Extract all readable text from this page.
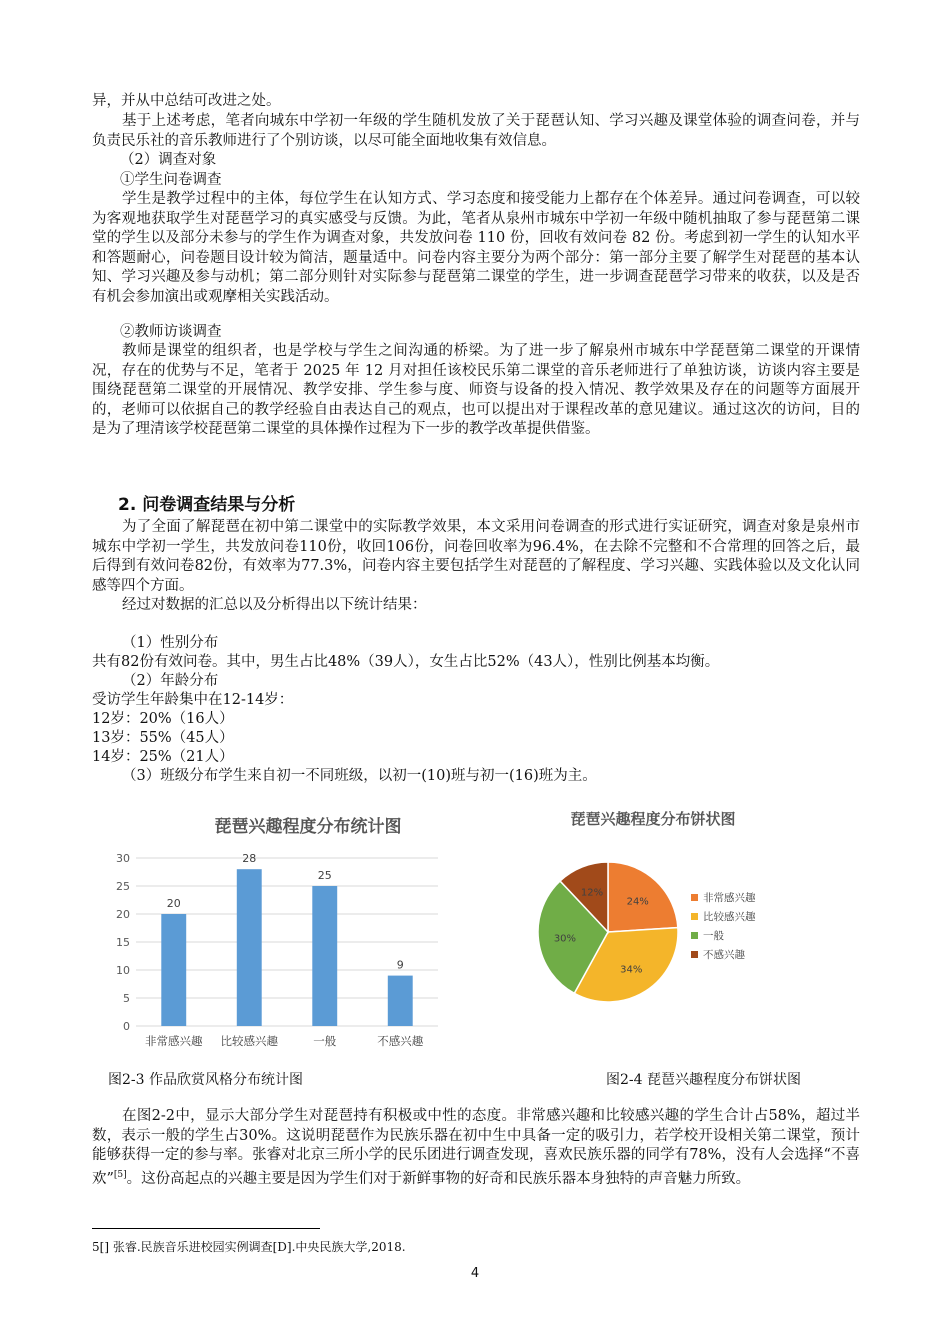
异，并从中总结可改进之处。

基于上述考虑，笔者向城东中学初一年级的学生随机发放了关于琵琶认知、学习兴趣及课堂体验的调查问卷，并与负责民乐社的音乐教师进行了个别访谈，以尽可能全面地收集有效信息。

（2）调查对象
①学生问卷调查

学生是教学过程中的主体，每位学生在认知方式、学习态度和接受能力上都存在个体差异。通过问卷调查，可以较为客观地获取学生对琵琶学习的真实感受与反馈。为此，笔者从泉州市城东中学初一年级中随机抽取了参与琵琶第二课堂的学生以及部分未参与的学生作为调查对象，共发放问卷 110 份，回收有效问卷 82 份。考虑到初一学生的认知水平和答题耐心，问卷题目设计较为简洁，题量适中。问卷内容主要分为两个部分：第一部分主要了解学生对琵琶的基本认知、学习兴趣及参与动机；第二部分则针对实际参与琵琶第二课堂的学生，进一步调查琵琶学习带来的收获，以及是否有机会参加演出或观摩相关实践活动。

②教师访谈调查

教师是课堂的组织者，也是学校与学生之间沟通的桥梁。为了进一步了解泉州市城东中学琵琶第二课堂的开课情况，存在的优势与不足，笔者于 2025 年 12 月对担任该校民乐第二课堂的音乐老师进行了单独访谈，访谈内容主要是围绕琵琶第二课堂的开展情况、教学安排、学生参与度、师资与设备的投入情况、教学效果及存在的问题等方面展开的，老师可以依据自己的教学经验自由表达自己的观点，也可以提出对于课程改革的意见建议。通过这次的访问，目的是为了理清该学校琵琶第二课堂的具体操作过程为下一步的教学改革提供借鉴。

2. 问卷调查结果与分析

为了全面了解琵琶在初中第二课堂中的实际教学效果，本文采用问卷调查的形式进行实证研究，调查对象是泉州市城东中学初一学生，共发放问卷110份，收回106份，问卷回收率为96.4%，在去除不完整和不合常理的回答之后，最后得到有效问卷82份，有效率为77.3%，问卷内容主要包括学生对琵琶的了解程度、学习兴趣、实践体验以及文化认同感等四个方面。

经过对数据的汇总以及分析得出以下统计结果：
（1）性别分布
共有82份有效问卷。其中，男生占比48%（39人），女生占比52%（43人），性别比例基本均衡。
（2）年龄分布
受访学生年龄集中在12-14岁：
12岁：20%（16人）
13岁：55%（45人）
14岁：25%（21人）
（3）班级分布学生来自初一不同班级，以初一(10)班与初一(16)班为主。
琵琶兴趣程度分布统计图
0
5
10
15
20
25
30
20
非常感兴趣
28
比较感兴趣
25
一般
9
不感兴趣
琵琶兴趣程度分布饼状图
24%
34%
30%
12%	非常感兴趣
比较感兴趣
一般
不感兴趣
图2-3 作品欣赏风格分布统计图	图2-4 琵琶兴趣程度分布饼状图

在图2-2中，显示大部分学生对琵琶持有积极或中性的态度。非常感兴趣和比较感兴趣的学生合计占58%，超过半数，表示一般的学生占30%。这说明琵琶作为民族乐器在初中生中具备一定的吸引力，若学校开设相关第二课堂，预计能够获得一定的参与率。张睿对北京三所小学的民乐团进行调查发现，喜欢民族乐器的同学有78%，没有人会选择“不喜欢”[5]。这份高起点的兴趣主要是因为学生们对于新鲜事物的好奇和民族乐器本身独特的声音魅力所致。

5[] 张睿.民族音乐进校园实例调查[D].中央民族大学,2018.
4
